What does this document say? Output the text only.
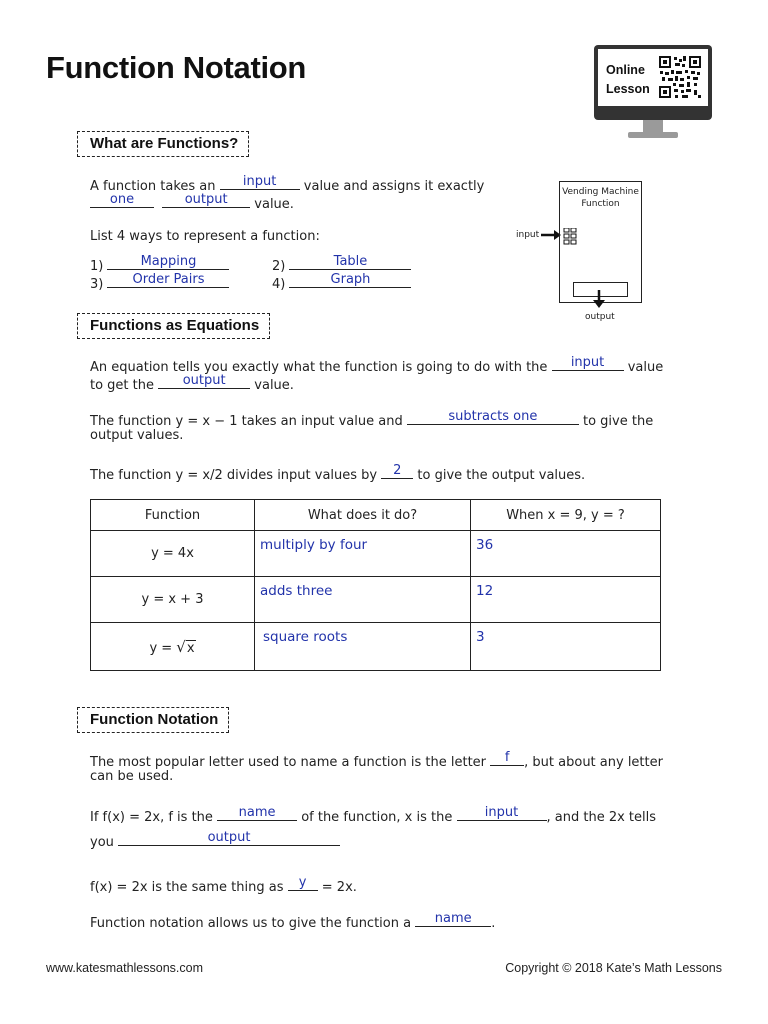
Function Notation	Online
Lesson
What are Functions?
A function takes an	input	value and assigns it exactly
one
	output	value.
List 4 ways to represent a function:
1)	Mapping	2)	Table
3)	Order Pairs	4)	Graph
input
Vending Machine
Function
output
Functions as Equations
An equation tells you exactly what the function is going to do with the	input	value
to get the	output	value.
The function y = x − 1 takes an input value and	subtracts one	to give the
output values.
The function y = x/2 divides input values by	2	to give the output values.
Function	What does it do?	When x = 9, y = ?
y = 4x	multiply by four	36

y = x + 3	adds three	12

y = √x	square roots	3
Function Notation
The most popular letter used to name a function is the letter	f	, but about any letter
can be used.
If f(x) = 2x, f is the	name	of the function, x is the	input	, and the 2x tells
you	output
f(x) = 2x is the same thing as	y	= 2x.
Function notation allows us to give the function a	name	.
www.katesmathlessons.com	Copyright © 2018 Kate’s Math Lessons
